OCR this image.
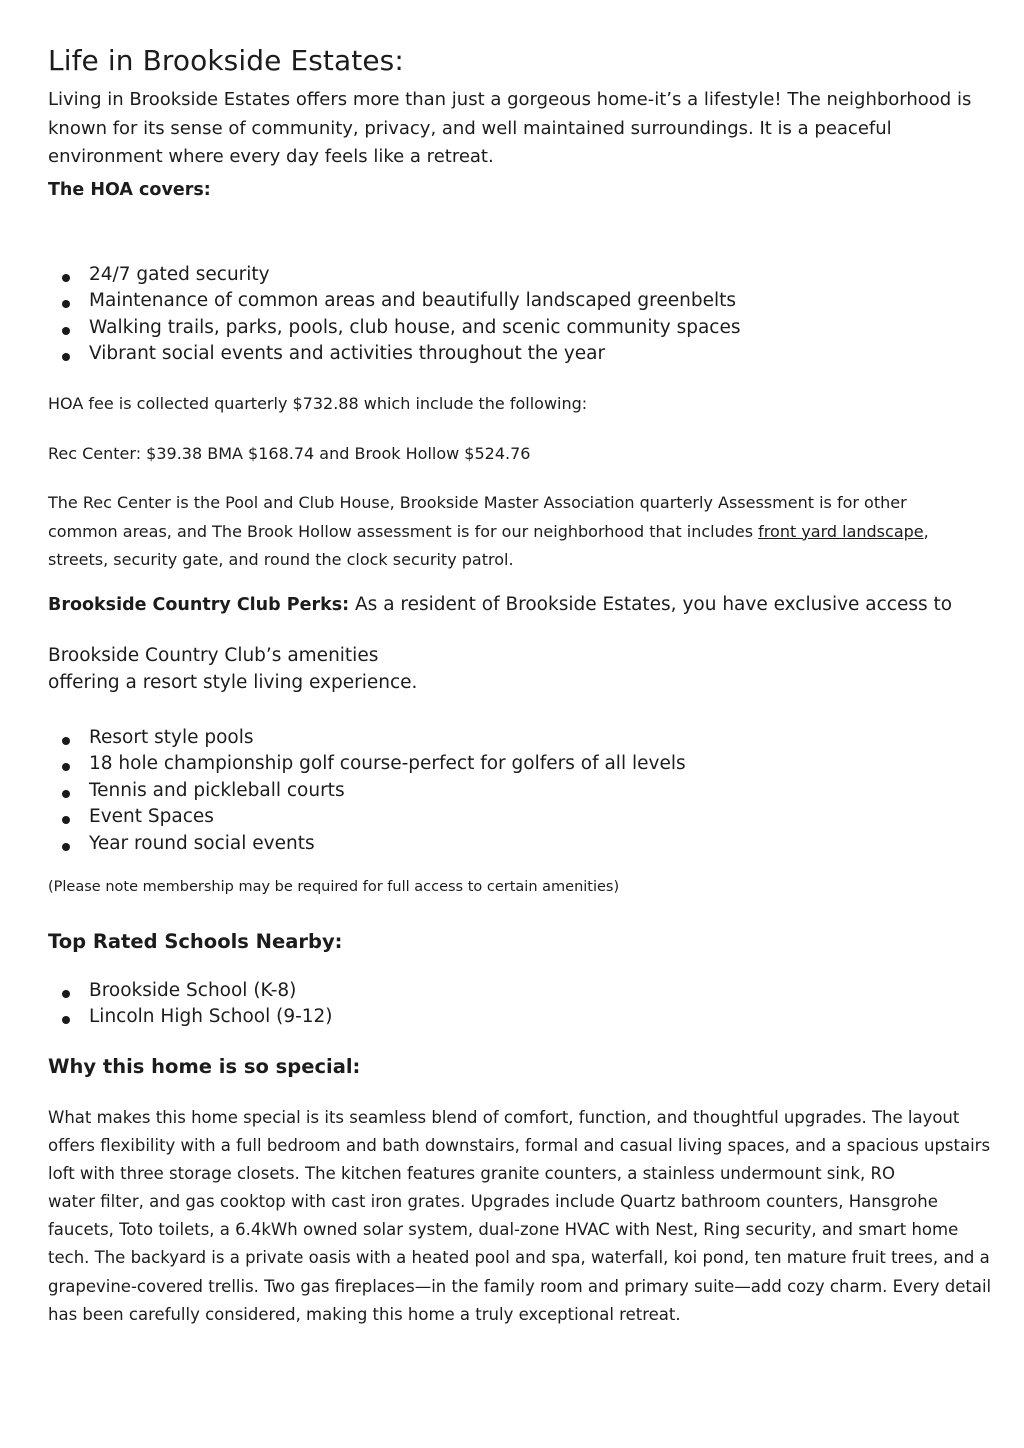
Life in Brookside Estates:

Living in Brookside Estates offers more than just a gorgeous home-it’s a lifestyle! The neighborhood is
known for its sense of community, privacy, and well maintained surroundings. It is a peaceful
environment where every day feels like a retreat.

The HOA covers:

24/7 gated security
Maintenance of common areas and beautifully landscaped greenbelts
Walking trails, parks, pools, club house, and scenic community spaces
Vibrant social events and activities throughout the year

HOA fee is collected quarterly $732.88 which include the following:

Rec Center: $39.38 BMA $168.74 and Brook Hollow $524.76

The Rec Center is the Pool and Club House, Brookside Master Association quarterly Assessment is for other
common areas, and The Brook Hollow assessment is for our neighborhood that includes front yard landscape,
streets, security gate, and round the clock security patrol.

Brookside Country Club Perks: As a resident of Brookside Estates, you have exclusive access to

Brookside Country Club’s amenities
offering a resort style living experience.

Resort style pools
18 hole championship golf course-perfect for golfers of all levels
Tennis and pickleball courts
Event Spaces
Year round social events

(Please note membership may be required for full access to certain amenities)

Top Rated Schools Nearby:

Brookside School (K-8)
Lincoln High School (9-12)

Why this home is so special:

What makes this home special is its seamless blend of comfort, function, and thoughtful upgrades. The layout
offers flexibility with a full bedroom and bath downstairs, formal and casual living spaces, and a spacious upstairs
loft with three storage closets. The kitchen features granite counters, a stainless undermount sink, RO
water filter, and gas cooktop with cast iron grates. Upgrades include Quartz bathroom counters, Hansgrohe
faucets, Toto toilets, a 6.4kWh owned solar system, dual-zone HVAC with Nest, Ring security, and smart home
tech. The backyard is a private oasis with a heated pool and spa, waterfall, koi pond, ten mature fruit trees, and a
grapevine-covered trellis. Two gas fireplaces—in the family room and primary suite—add cozy charm. Every detail
has been carefully considered, making this home a truly exceptional retreat.
